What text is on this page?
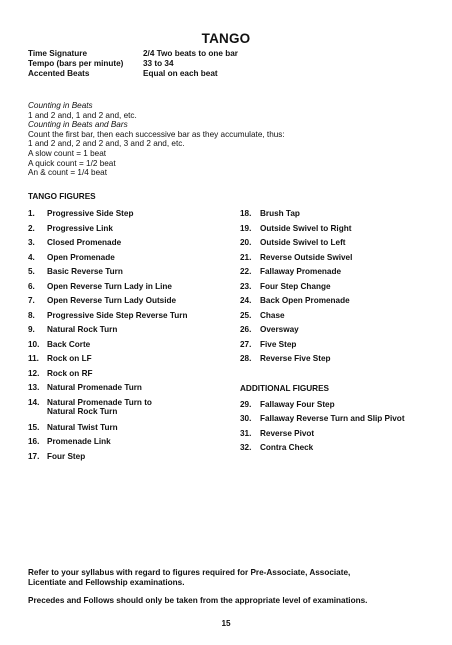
TANGO
Time Signature	2/4 Two beats to one bar
Tempo (bars per minute) 33 to 34
Accented Beats	Equal on each beat
Counting in Beats
1 and 2 and, 1 and 2 and, etc.
Counting in Beats and Bars
Count the first bar, then each successive bar as they accumulate, thus:
1 and 2 and, 2 and 2 and, 3 and 2 and, etc.
A slow count = 1 beat
A quick count = 1/2 beat
An & count = 1/4 beat
TANGO FIGURES
1. Progressive Side Step
2. Progressive Link
3. Closed Promenade
4. Open Promenade
5. Basic Reverse Turn
6. Open Reverse Turn Lady in Line
7. Open Reverse Turn Lady Outside
8. Progressive Side Step Reverse Turn
9. Natural Rock Turn
10. Back Corte
11. Rock on LF
12. Rock on RF
13. Natural Promenade Turn
14. Natural Promenade Turn to
Natural Rock Turn
15. Natural Twist Turn
16. Promenade Link
17. Four Step
18. Brush Tap
19. Outside Swivel to Right
20. Outside Swivel to Left
21. Reverse Outside Swivel
22. Fallaway Promenade
23. Four Step Change
24. Back Open Promenade
25. Chase
26. Oversway
27. Five Step
28. Reverse Five Step
ADDITIONAL FIGURES
29. Fallaway Four Step
30. Fallaway Reverse Turn and Slip Pivot
31. Reverse Pivot
32. Contra Check

Refer to your syllabus with regard to figures required for Pre-Associate, Associate,
Licentiate and Fellowship examinations.

Precedes and Follows should only be taken from the appropriate level of examinations.

15
